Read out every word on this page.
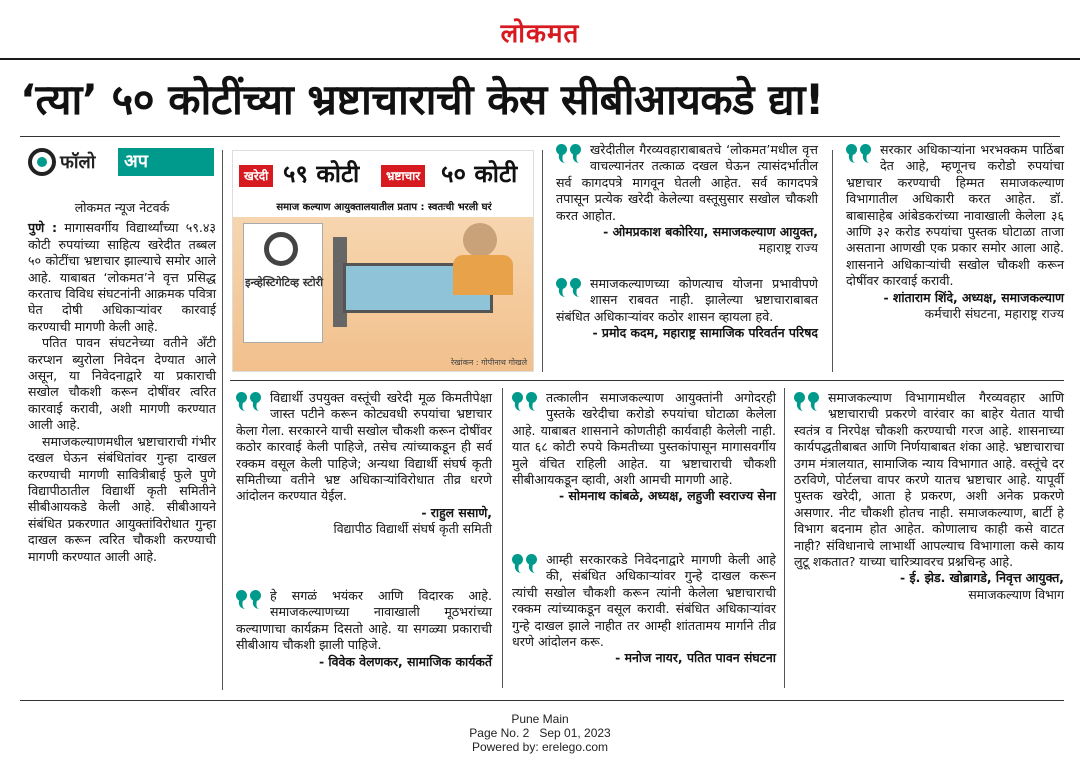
लोकमत
‘त्या’ ५० कोटींच्या भ्रष्टाचाराची केस सीबीआयकडे द्या!
फॉलो	अप

लोकमत न्यूज नेटवर्क

पुणे : मागासवर्गीय विद्यार्थ्यांच्या ५९.४३ कोटी रुपयांच्या साहित्य खरेदीत तब्बल ५० कोटींचा भ्रष्टाचार झाल्याचे समोर आले आहे. याबाबत ‘लोकमत’ने वृत्त प्रसिद्ध करताच विविध संघटनांनी आक्रमक पवित्रा घेत दोषी अधिकाऱ्यांवर कारवाई करण्याची मागणी केली आहे.

पतित पावन संघटनेच्या वतीने अँटी करप्शन ब्युरोला निवेदन देण्यात आले असून, या निवेदनाद्वारे या प्रकाराची सखोल चौकशी करून दोषींवर त्वरित कारवाई करावी, अशी मागणी करण्यात आली आहे.

समाजकल्याणमधील भ्रष्टाचाराची गंभीर दखल घेऊन संबंधितांवर गुन्हा दाखल करण्याची मागणी सावित्रीबाई फुले पुणे विद्यापीठातील विद्यार्थी कृती समितीने सीबीआयकडे केली आहे. सीबीआयने संबंधित प्रकरणात आयुक्तांविरोधात गुन्हा दाखल करून त्वरित चौकशी करण्याची मागणी करण्यात आली आहे.

खरेदी ५९ कोटी	भ्रष्टाचार ५० कोटी
समाज कल्याण आयुक्तालयातील प्रताप : स्वतःची भरली घरं
इन्व्हेस्टिगेटिव्ह स्टोरी
रेखांकन : गोपीनाथ गोखले

खरेदीतील गैरव्यवहाराबाबतचे ‘लोकमत’मधील वृत्त वाचल्यानंतर तत्काळ दखल घेऊन त्यासंदर्भातील सर्व कागदपत्रे मागवून घेतली आहेत. सर्व कागदपत्रे तपासून प्रत्येक खरेदी केलेल्या वस्तूसुसार सखोल चौकशी करत आहोत.

- ओमप्रकाश बकोरिया, समाजकल्याण आयुक्त,

महाराष्ट्र राज्य

समाजकल्याणच्या कोणत्याच योजना प्रभावीपणे शासन राबवत नाही. झालेल्या भ्रष्टाचाराबाबत संबंधित अधिकाऱ्यांवर कठोर शासन व्हायला हवे.

- प्रमोद कदम, महाराष्ट्र सामाजिक परिवर्तन परिषद

सरकार अधिकाऱ्यांना भरभक्कम पाठिंबा देत आहे, म्हणूनच करोडो रुपयांचा भ्रष्टाचार करण्याची हिम्मत समाजकल्याण विभागातील अधिकारी करत आहेत. डॉ. बाबासाहेब आंबेडकरांच्या नावाखाली केलेला ३६ आणि ३२ करोड रुपयांचा पुस्तक घोटाळा ताजा असताना आणखी एक प्रकार समोर आला आहे. शासनाने अधिकाऱ्यांची सखोल चौकशी करून दोषींवर कारवाई करावी.

- शांताराम शिंदे, अध्यक्ष, समाजकल्याण

कर्मचारी संघटना, महाराष्ट्र राज्य

विद्यार्थी उपयुक्त वस्तूंची खरेदी मूळ किमतीपेक्षा जास्त पटीने करून कोट्यवधी रुपयांचा भ्रष्टाचार केला गेला. सरकारने याची सखोल चौकशी करून दोषींवर कठोर कारवाई केली पाहिजे, तसेच त्यांच्याकडून ही सर्व रक्कम वसूल केली पाहिजे; अन्यथा विद्यार्थी संघर्ष कृती समितीच्या वतीने भ्रष्ट अधिकाऱ्यांविरोधात तीव्र धरणे आंदोलन करण्यात येईल.

- राहुल ससाणे,

विद्यापीठ विद्यार्थी संघर्ष कृती समिती

हे सगळं भयंकर आणि विदारक आहे. समाजकल्याणच्या नावाखाली मूठभरांच्या कल्याणाचा कार्यक्रम दिसतो आहे. या सगळ्या प्रकाराची सीबीआय चौकशी झाली पाहिजे.

- विवेक वेलणकर, सामाजिक कार्यकर्ते

तत्कालीन समाजकल्याण आयुक्तांनी अगोदरही पुस्तके खरेदीचा करोडो रुपयांचा घोटाळा केलेला आहे. याबाबत शासनाने कोणतीही कार्यवाही केलेली नाही. यात ६८ कोटी रुपये किमतीच्या पुस्तकांपासून मागासवर्गीय मुले वंचित राहिली आहेत. या भ्रष्टाचाराची चौकशी सीबीआयकडून व्हावी, अशी आमची मागणी आहे.

- सोमनाथ कांबळे, अध्यक्ष, लहुजी स्वराज्य सेना

आम्ही सरकारकडे निवेदनाद्वारे मागणी केली आहे की, संबंधित अधिकाऱ्यांवर गुन्हे दाखल करून त्यांची सखोल चौकशी करून त्यांनी केलेला भ्रष्टाचाराची रक्कम त्यांच्याकडून वसूल करावी. संबंधित अधिकाऱ्यांवर गुन्हे दाखल झाले नाहीत तर आम्ही शांततामय मार्गाने तीव्र धरणे आंदोलन करू.

- मनोज नायर, पतित पावन संघटना

समाजकल्याण विभागामधील गैरव्यवहार आणि भ्रष्टाचाराची प्रकरणे वारंवार का बाहेर येतात याची स्वतंत्र व निरपेक्ष चौकशी करण्याची गरज आहे. शासनाच्या कार्यपद्धतीबाबत आणि निर्णयाबाबत शंका आहे. भ्रष्टाचाराचा उगम मंत्रालयात, सामाजिक न्याय विभागात आहे. वस्तूंचे दर ठरविणे, पोर्टलचा वापर करणे यातच भ्रष्टाचार आहे. यापूर्वी पुस्तक खरेदी, आता हे प्रकरण, अशी अनेक प्रकरणे असणार. नीट चौकशी होतच नाही. समाजकल्याण, बार्टी हे विभाग बदनाम होत आहेत. कोणालाच काही कसे वाटत नाही? संविधानाचे लाभार्थी आपल्याच विभागाला कसे काय लुटू शकतात? याच्या चारित्र्यावरच प्रश्नचिन्ह आहे.

- ई. झेड. खोब्रागडे, निवृत्त आयुक्त,

समाजकल्याण विभाग

Pune Main
Page No. 2 Sep 01, 2023
Powered by: erelego.com
